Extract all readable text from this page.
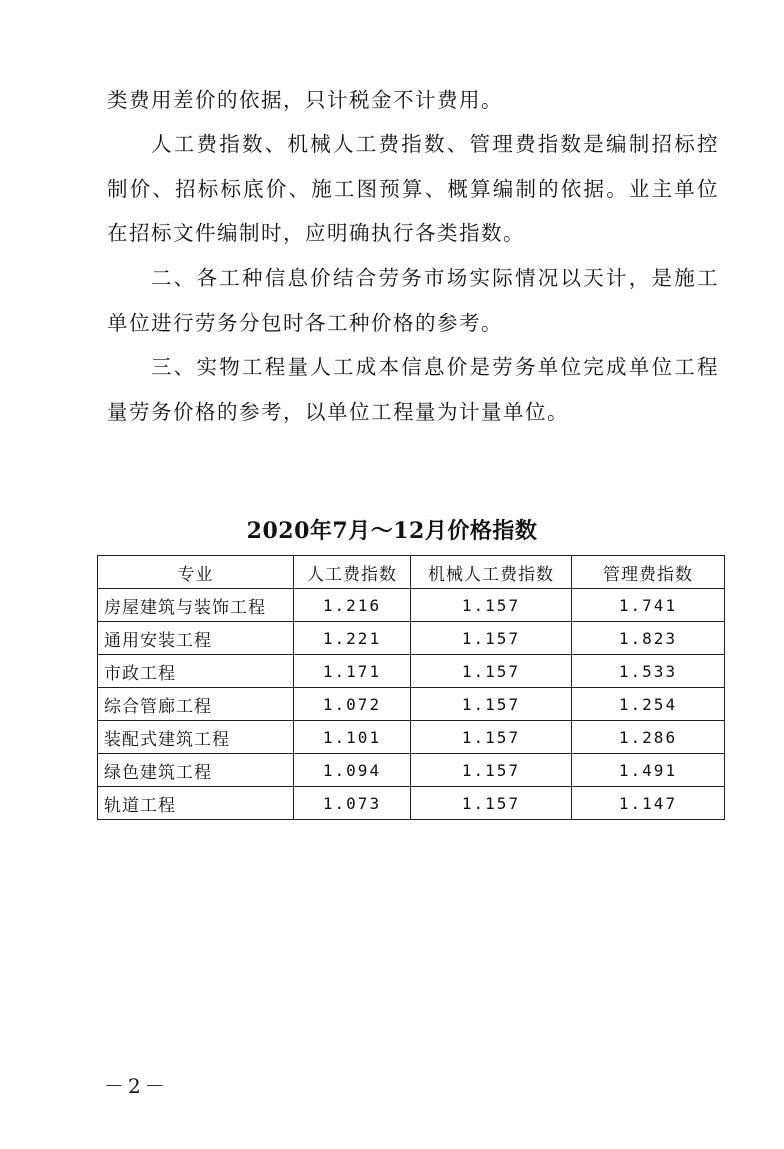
类费用差价的依据，只计税金不计费用。

人工费指数、机械人工费指数、管理费指数是编制招标控制价、招标标底价、施工图预算、概算编制的依据。业主单位在招标文件编制时，应明确执行各类指数。

二、各工种信息价结合劳务市场实际情况以天计，是施工单位进行劳务分包时各工种价格的参考。

三、实物工程量人工成本信息价是劳务单位完成单位工程量劳务价格的参考，以单位工程量为计量单位。

2020年7月～12月价格指数
专业	人工费指数	机械人工费指数	管理费指数
房屋建筑与装饰工程	1.216	1.157	1.741
通用安装工程	1.221	1.157	1.823
市政工程	1.171	1.157	1.533
综合管廊工程	1.072	1.157	1.254
装配式建筑工程	1.101	1.157	1.286
绿色建筑工程	1.094	1.157	1.491
轨道工程	1.073	1.157	1.147
－2－
